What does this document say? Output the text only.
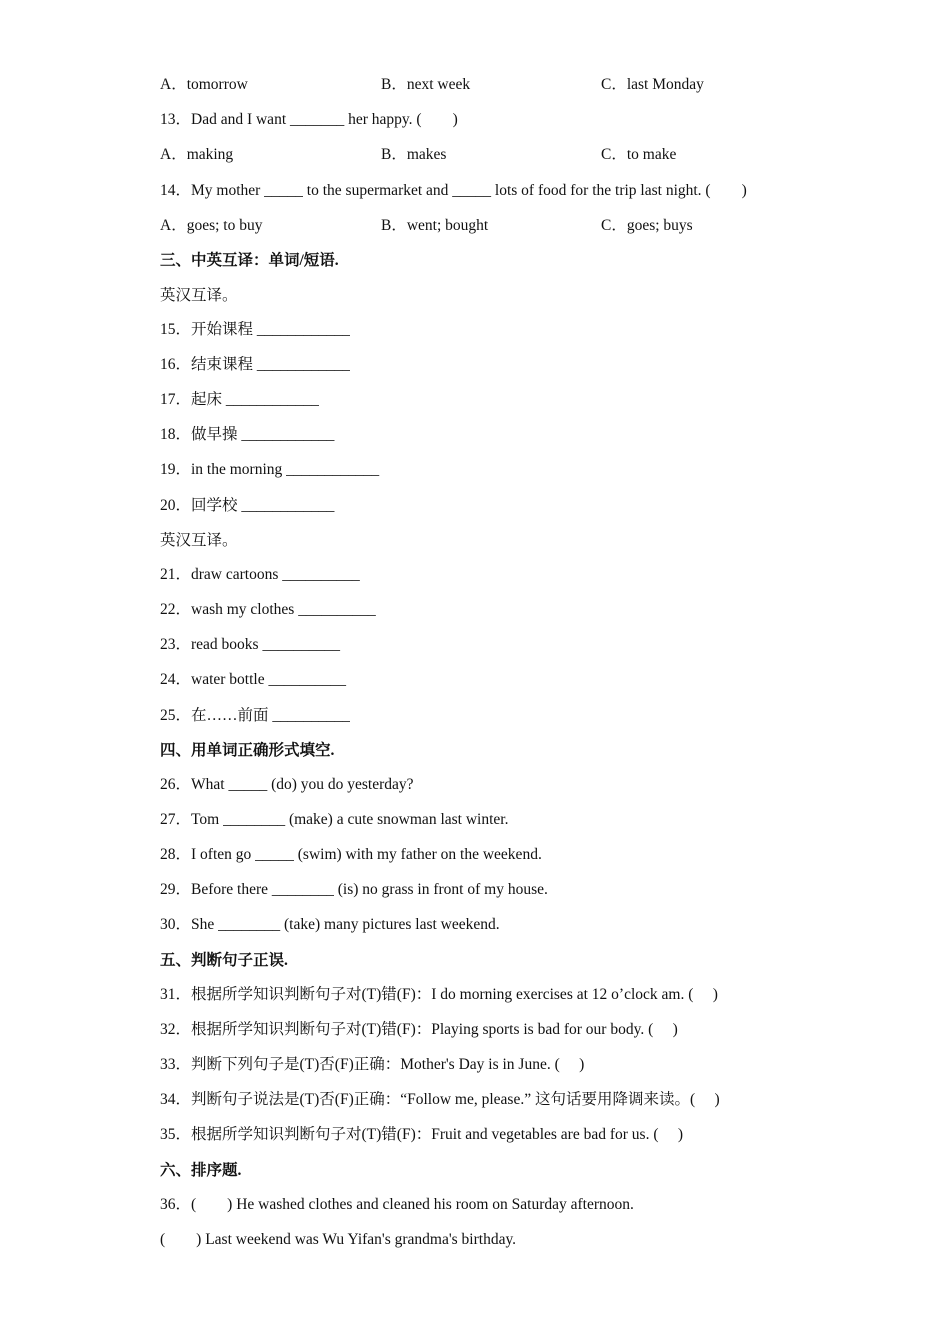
A．tomorrow	B．next week	C．last Monday
13．Dad and I want _______ her happy. (　　)
A．making	B．makes	C．to make
14．My mother _____ to the supermarket and _____ lots of food for the trip last night. (　　)
A．goes; to buy	B．went; bought	C．goes; buys
三、中英互译：单词/短语.
英汉互译。
15．开始课程 ____________
16．结束课程 ____________
17．起床 ____________
18．做早操 ____________
19．in the morning ____________
20．回学校 ____________
英汉互译。
21．draw cartoons __________
22．wash my clothes __________
23．read books __________
24．water bottle __________
25．在……前面 __________
四、用单词正确形式填空.
26．What _____ (do) you do yesterday?
27．Tom ________ (make) a cute snowman last winter.
28．I often go _____ (swim) with my father on the weekend.
29．Before there ________ (is) no grass in front of my house.
30．She ________ (take) many pictures last weekend.
五、判断句子正误.
31．根据所学知识判断句子对(T)错(F)：I do morning exercises at 12 o’clock am. (　 )
32．根据所学知识判断句子对(T)错(F)：Playing sports is bad for our body. (　 )
33．判断下列句子是(T)否(F)正确：Mother's Day is in June. (　 )
34．判断句子说法是(T)否(F)正确：“Follow me, please.” 这句话要用降调来读。(　 )
35．根据所学知识判断句子对(T)错(F)：Fruit and vegetables are bad for us. (　 )
六、排序题.
36．(　　) He washed clothes and cleaned his room on Saturday afternoon.
(　　) Last weekend was Wu Yifan's grandma's birthday.
